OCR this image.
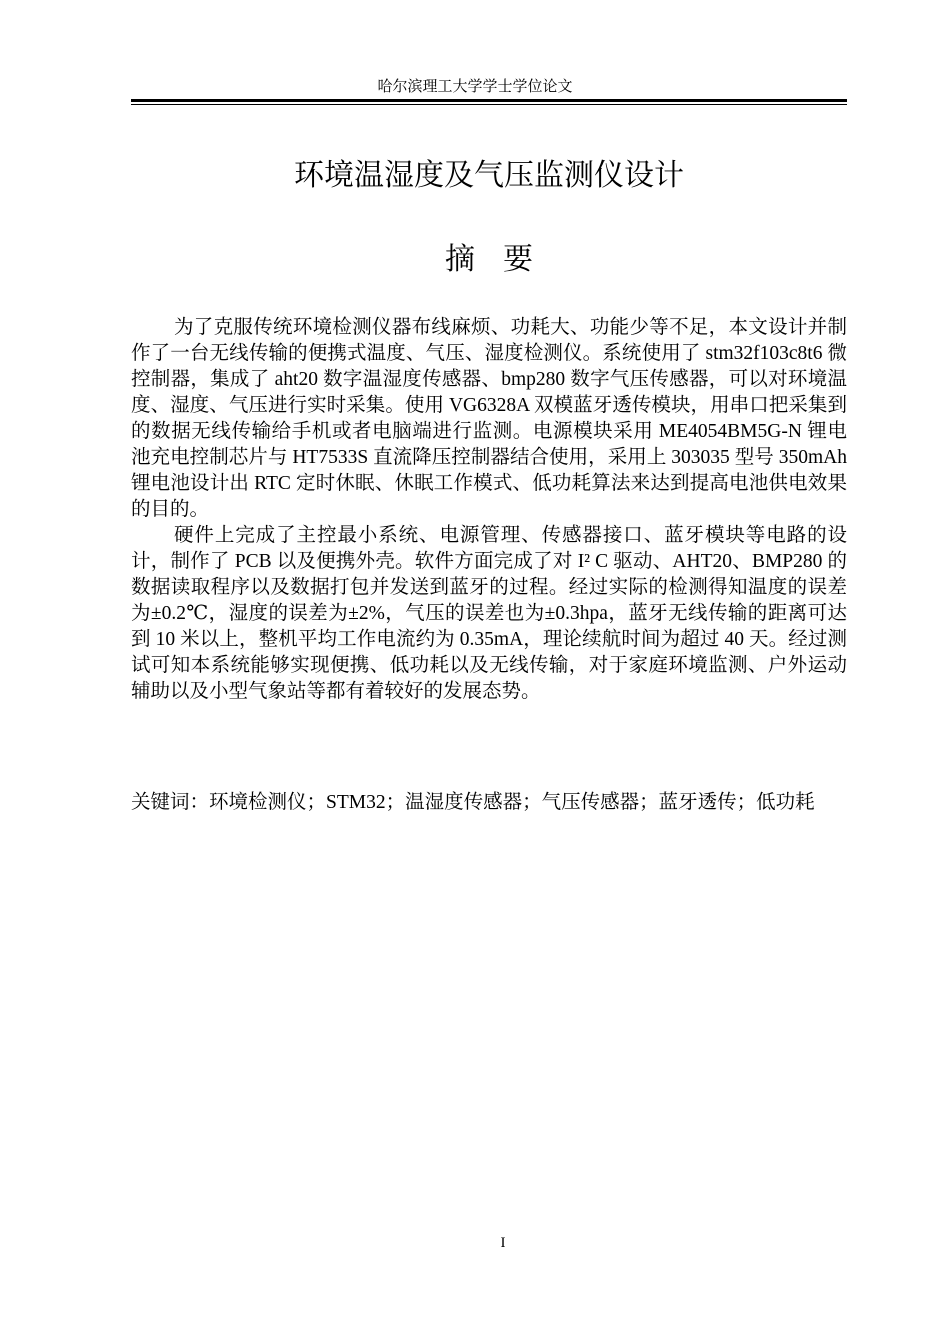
哈尔滨理工大学学士学位论文
环境温湿度及气压监测仪设计
摘要

为了克服传统环境检测仪器布线麻烦、功耗大、功能少等不足，本文设计并制作了一台无线传输的便携式温度、气压、湿度检测仪。系统使用了 stm32f103c8t6 微控制器，集成了 aht20 数字温湿度传感器、bmp280 数字气压传感器，可以对环境温度、湿度、气压进行实时采集。使用 VG6328A 双模蓝牙透传模块，用串口把采集到的数据无线传输给手机或者电脑端进行监测。电源模块采用 ME4054BM5G-N 锂电池充电控制芯片与 HT7533S 直流降压控制器结合使用，采用上 303035 型号 350mAh 锂电池设计出 RTC 定时休眠、休眠工作模式、低功耗算法来达到提高电池供电效果的目的。

硬件上完成了主控最小系统、电源管理、传感器接口、蓝牙模块等电路的设计，制作了 PCB 以及便携外壳。软件方面完成了对 I² C 驱动、AHT20、BMP280 的数据读取程序以及数据打包并发送到蓝牙的过程。经过实际的检测得知温度的误差为±0.2℃，湿度的误差为±2%，气压的误差也为±0.3hpa，蓝牙无线传输的距离可达到 10 米以上，整机平均工作电流约为 0.35mA，理论续航时间为超过 40 天。经过测试可知本系统能够实现便携、低功耗以及无线传输，对于家庭环境监测、户外运动辅助以及小型气象站等都有着较好的发展态势。

关键词：环境检测仪；STM32；温湿度传感器；气压传感器；蓝牙透传；低功耗
I
